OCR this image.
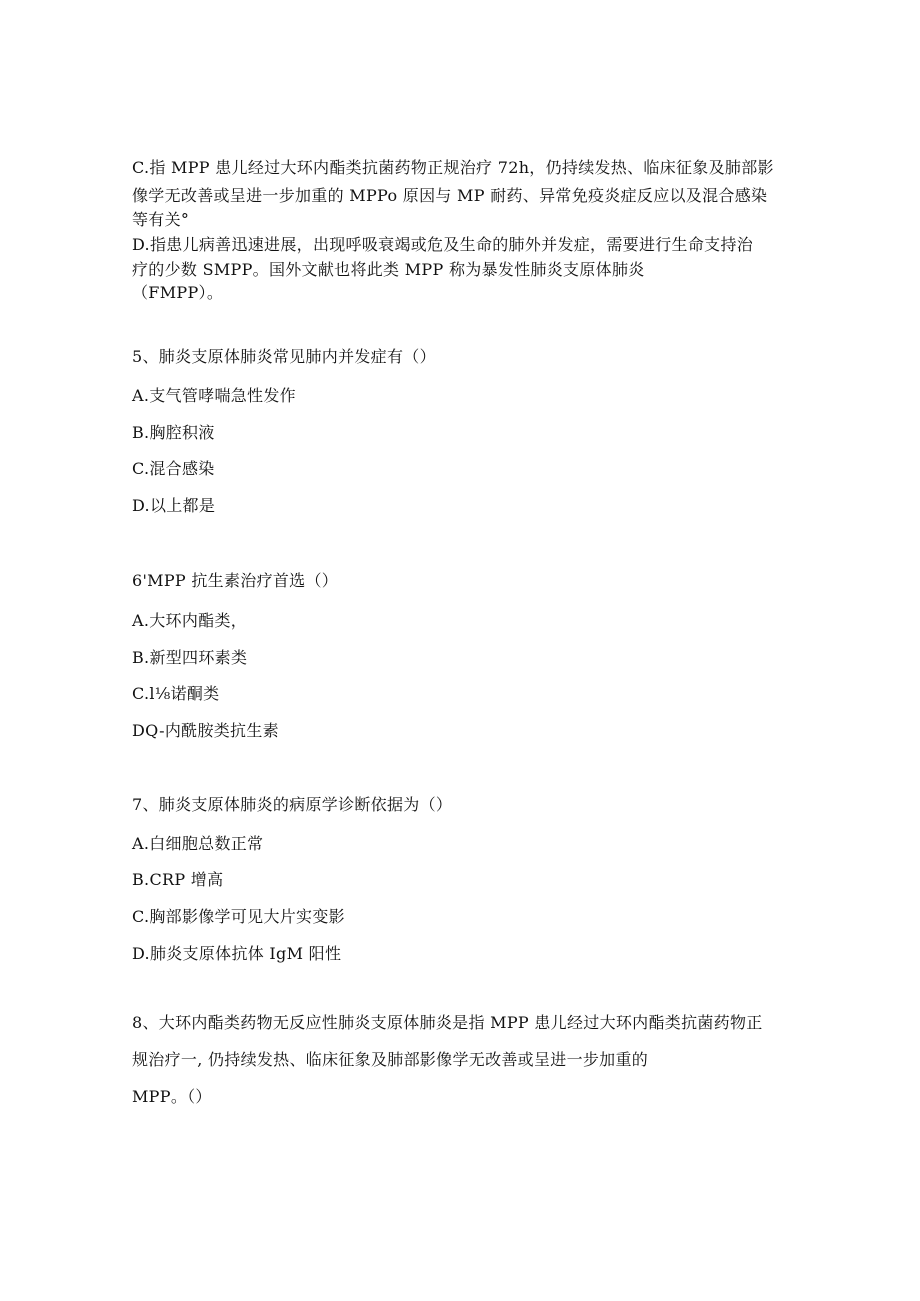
C.指 MPP 患儿经过大环内酯类抗菌药物正规治疗 72h，仍持续发热、临床征象及肺部影
像学无改善或呈进一步加重的 MPPo 原因与 MP 耐药、异常免疫炎症反应以及混合感染
等有关°
D.指患儿病善迅速进展，出现呼吸衰竭或危及生命的肺外并发症，需要进行生命支持治
疗的少数 SMPP。国外文献也将此类 MPP 称为暴发性肺炎支原体肺炎
（FMPP）。
5、肺炎支原体肺炎常见肺内并发症有（）
A.支气管哮喘急性发作
B.胸腔积液
C.混合感染
D.以上都是
6'MPP 抗生素治疗首选（）
A.大环内酯类，
B.新型四环素类
C.l⅛诺酮类
DQ-内酰胺类抗生素
7、肺炎支原体肺炎的病原学诊断依据为（）
A.白细胞总数正常
B.CRP 增高
C.胸部影像学可见大片实变影
D.肺炎支原体抗体 IgM 阳性
8、大环内酯类药物无反应性肺炎支原体肺炎是指 MPP 患儿经过大环内酯类抗菌药物正
规治疗一, 仍持续发热、临床征象及肺部影像学无改善或呈进一步加重的
MPP。（）
